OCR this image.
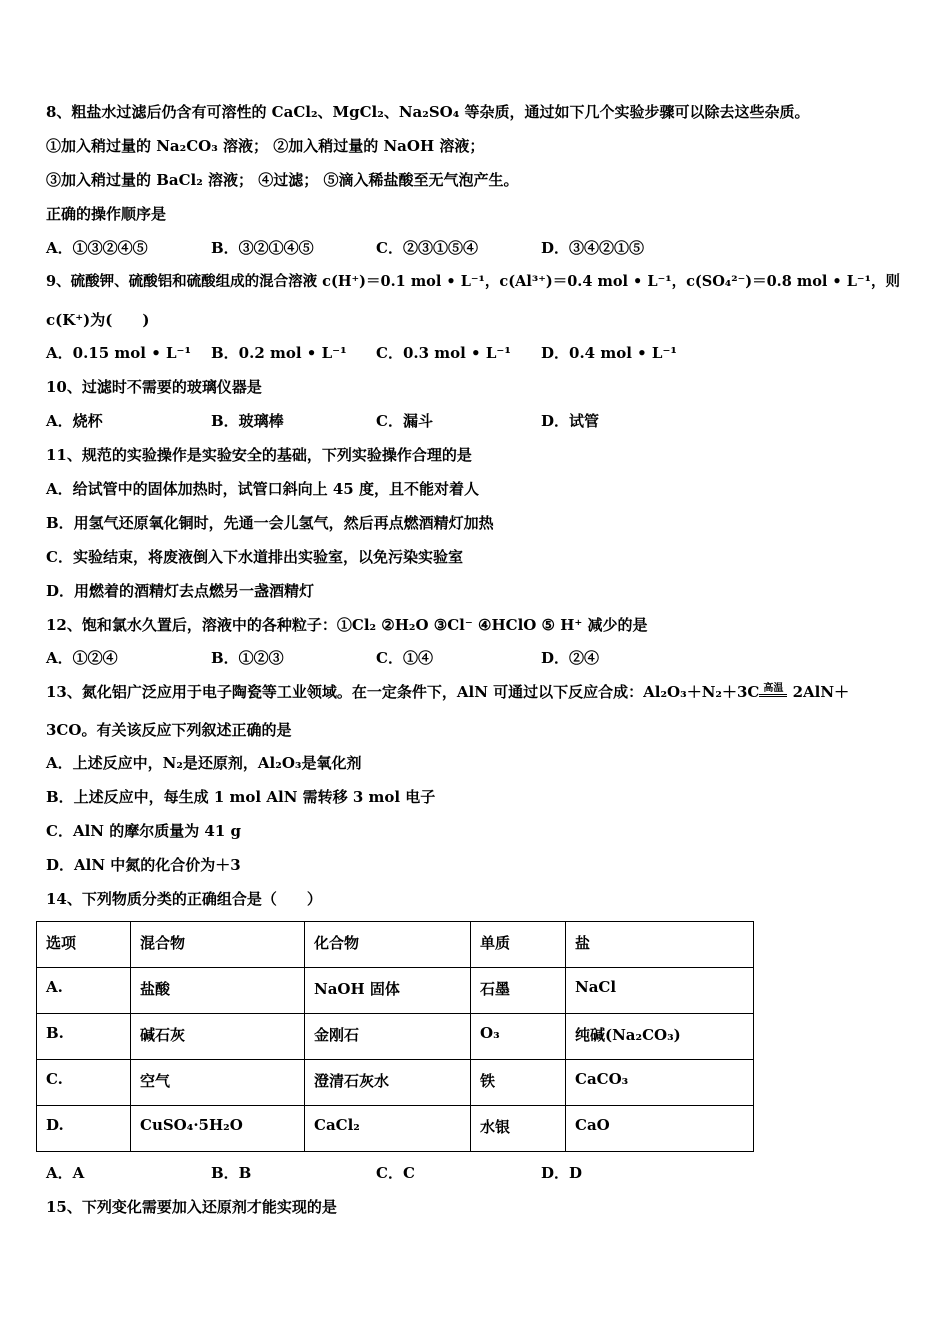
8、粗盐水过滤后仍含有可溶性的 CaCl₂、MgCl₂、Na₂SO₄ 等杂质，通过如下几个实验步骤可以除去这些杂质。
①加入稍过量的 Na₂CO₃ 溶液； ②加入稍过量的 NaOH 溶液；
③加入稍过量的 BaCl₂ 溶液； ④过滤； ⑤滴入稀盐酸至无气泡产生。
正确的操作顺序是
A．①③②④⑤	B．③②①④⑤	C．②③①⑤④	D．③④②①⑤
9、硫酸钾、硫酸铝和硫酸组成的混合溶液 c(H⁺)＝0.1 mol • L⁻¹，c(Al³⁺)＝0.4 mol • L⁻¹，c(SO₄²⁻)＝0.8 mol • L⁻¹，则
c(K⁺)为(　　)
A．0.15 mol • L⁻¹ B．0.2 mol • L⁻¹ C．0.3 mol • L⁻¹ D．0.4 mol • L⁻¹
10、过滤时不需要的玻璃仪器是
A．烧杯	B．玻璃棒	C．漏斗	D．试管
11、规范的实验操作是实验安全的基础，下列实验操作合理的是
A．给试管中的固体加热时，试管口斜向上 45 度，且不能对着人
B．用氢气还原氧化铜时，先通一会儿氢气，然后再点燃酒精灯加热
C．实验结束，将废液倒入下水道排出实验室，以免污染实验室
D．用燃着的酒精灯去点燃另一盏酒精灯
12、饱和氯水久置后，溶液中的各种粒子：①Cl₂ ②H₂O ③Cl⁻ ④HClO ⑤ H⁺ 减少的是
A．①②④	B．①②③	C．①④	D．②④
13、氮化铝广泛应用于电子陶瓷等工业领域。在一定条件下，AlN 可通过以下反应合成：Al₂O₃＋N₂＋3C 高温 2AlN＋
3CO。有关该反应下列叙述正确的是
A．上述反应中，N₂是还原剂，Al₂O₃是氧化剂
B．上述反应中，每生成 1 mol AlN 需转移 3 mol 电子
C．AlN 的摩尔质量为 41 g
D．AlN 中氮的化合价为＋3
14、下列物质分类的正确组合是（　　）
选项	混合物	化合物	单质	盐
A.	盐酸	NaOH 固体	石墨	NaCl
B.	碱石灰	金刚石	O₃	纯碱(Na₂CO₃)
C.	空气	澄清石灰水	铁	CaCO₃
D.	CuSO₄·5H₂O	CaCl₂	水银	CaO
A．A	B．B	C．C	D．D
15、下列变化需要加入还原剂才能实现的是
